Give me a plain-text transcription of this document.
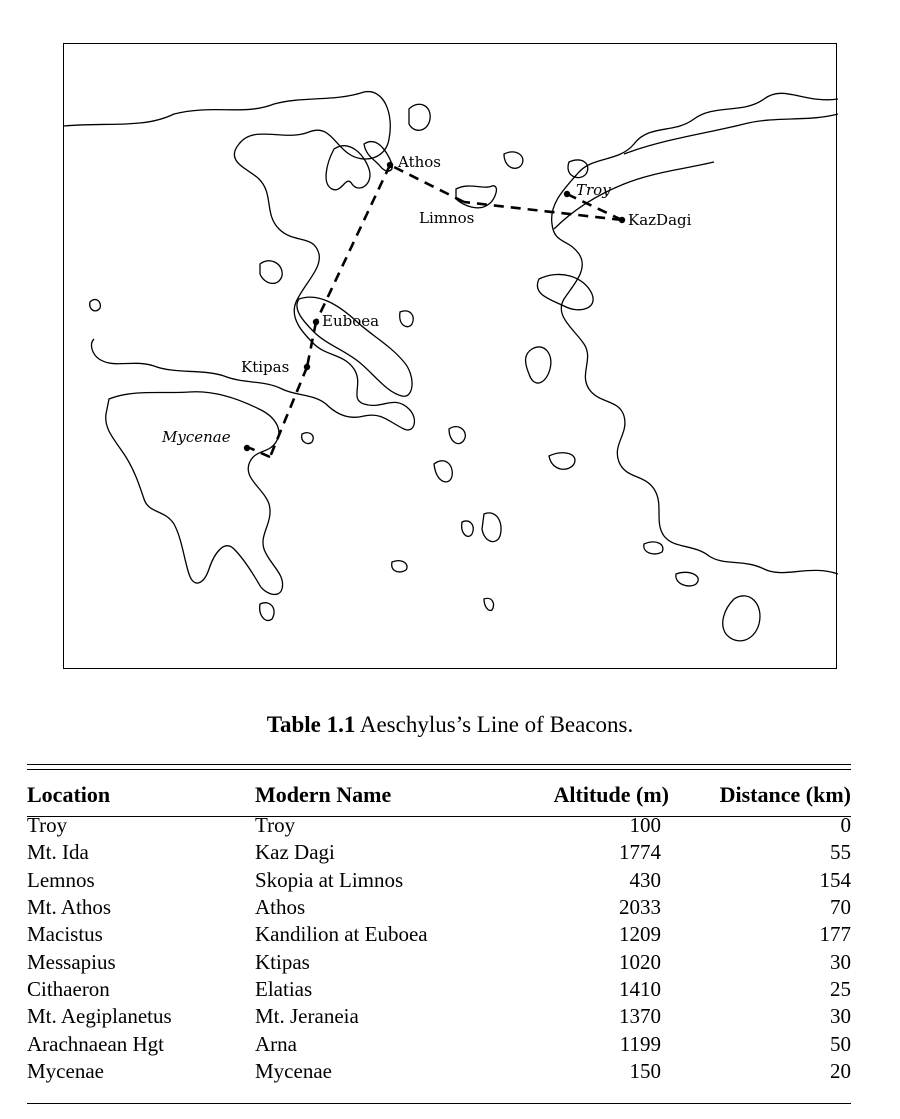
Athos
Troy
Limnos	KazDagi
Euboea
Ktipas
Mycenae
Table 1.1 Aeschylus’s Line of Beacons.
Location	Modern Name	Altitude (m)	Distance (km)
Troy	Troy	100	0
Mt. Ida	Kaz Dagi	1774	55
Lemnos	Skopia at Limnos	430	154
Mt. Athos	Athos	2033	70
Macistus	Kandilion at Euboea	1209	177
Messapius	Ktipas	1020	30
Cithaeron	Elatias	1410	25
Mt. Aegiplanetus	Mt. Jeraneia	1370	30
Arachnaean Hgt	Arna	1199	50
Mycenae	Mycenae	150	20
